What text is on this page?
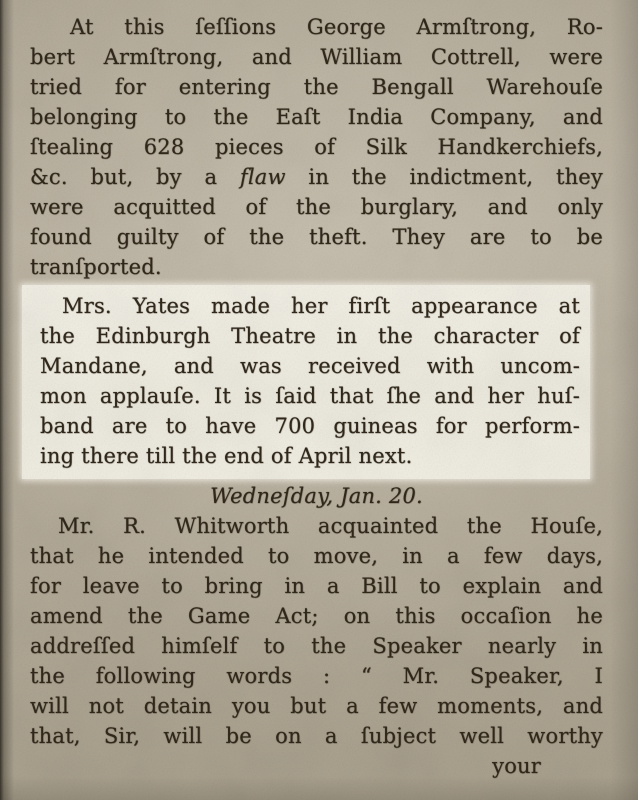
At this ſeſſions George Armſtrong, Ro-
bert Armſtrong, and William Cottrell, were
tried for entering the Bengall Warehouſe
belonging to the Eaſt India Company, and
ſtealing 628 pieces of Silk Handkerchiefs,
&c. but, by a flaw in the indictment, they
were acquitted of the burglary, and only
found guilty of the theft. They are to be
tranſported.
Mrs. Yates made her firſt appearance at
the Edinburgh Theatre in the character of
Mandane, and was received with uncom-
mon applauſe. It is ſaid that ſhe and her huſ-
band are to have 700 guineas for perform-
ing there till the end of April next.
Wedneſday, Jan. 20.
Mr. R. Whitworth acquainted the Houſe,
that he intended to move, in a few days,
for leave to bring in a Bill to explain and
amend the Game Act; on this occaſion he
addreſſed himſelf to the Speaker nearly in
the following words : “ Mr. Speaker, I
will not detain you but a few moments, and
that, Sir, will be on a ſubject well worthy
your
